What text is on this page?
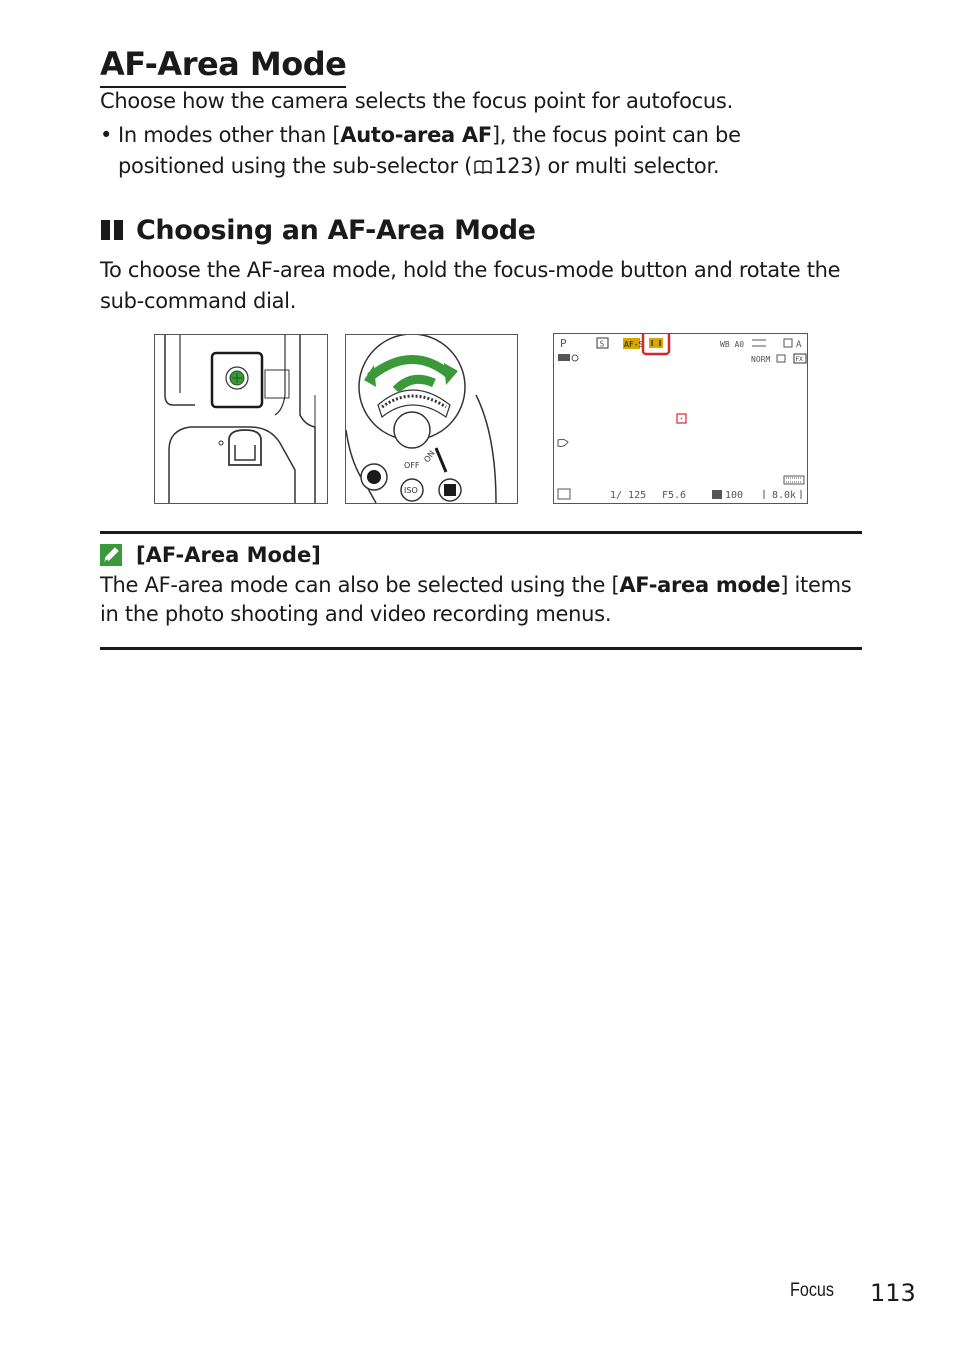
AF-Area Mode

Choose how the camera selects the focus point for autofocus.

• In modes other than [Auto-area AF], the focus point can be positioned using the sub-selector ( 123) or multi selector.
Choosing an AF-Area Mode

To choose the AF-area mode, hold the focus-mode button and rotate the sub-command dial.

OFF
ON
ISO
P	S AF-S	WB A0	A
NORM	FX
1/ 125 F5.6	100	8.0k
[AF-Area Mode]

The AF-area mode can also be selected using the [AF-area mode] items in the photo shooting and video recording menus.

Focus 113
